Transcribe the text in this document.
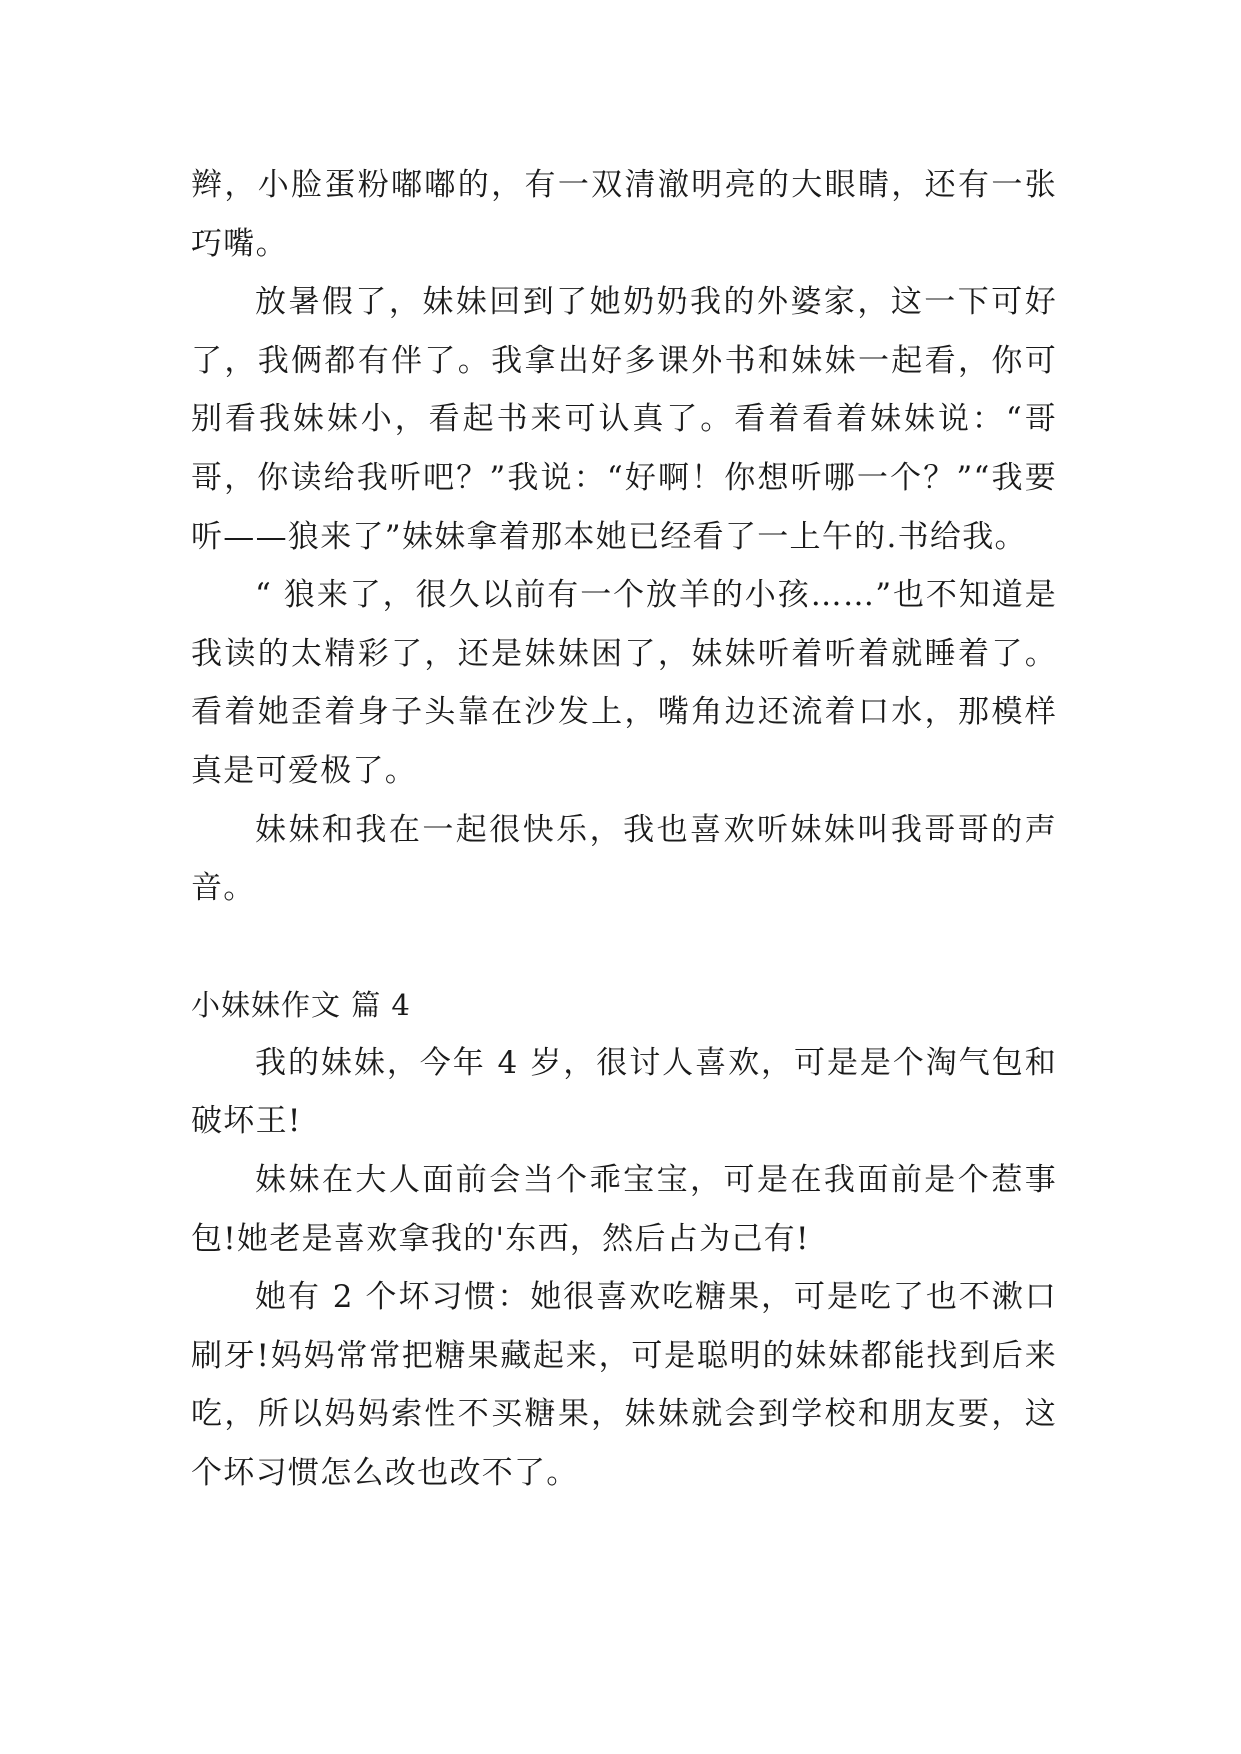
辫，小脸蛋粉嘟嘟的，有一双清澈明亮的大眼睛，还有一张巧嘴。

放暑假了，妹妹回到了她奶奶我的外婆家，这一下可好了，我俩都有伴了。我拿出好多课外书和妹妹一起看，你可别看我妹妹小，看起书来可认真了。看着看着妹妹说：“哥哥，你读给我听吧？”我说：“好啊！你想听哪一个？”“我要听——狼来了”妹妹拿着那本她已经看了一上午的.书给我。

“ 狼来了，很久以前有一个放羊的小孩……”也不知道是我读的太精彩了，还是妹妹困了，妹妹听着听着就睡着了。看着她歪着身子头靠在沙发上，嘴角边还流着口水，那模样真是可爱极了。

妹妹和我在一起很快乐，我也喜欢听妹妹叫我哥哥的声音。

小妹妹作文 篇 4

我的妹妹，今年 4 岁，很讨人喜欢，可是是个淘气包和破坏王!

妹妹在大人面前会当个乖宝宝，可是在我面前是个惹事包!她老是喜欢拿我的'东西，然后占为己有!

她有 2 个坏习惯：她很喜欢吃糖果，可是吃了也不漱口刷牙!妈妈常常把糖果藏起来，可是聪明的妹妹都能找到后来吃，所以妈妈索性不买糖果，妹妹就会到学校和朋友要，这个坏习惯怎么改也改不了。
